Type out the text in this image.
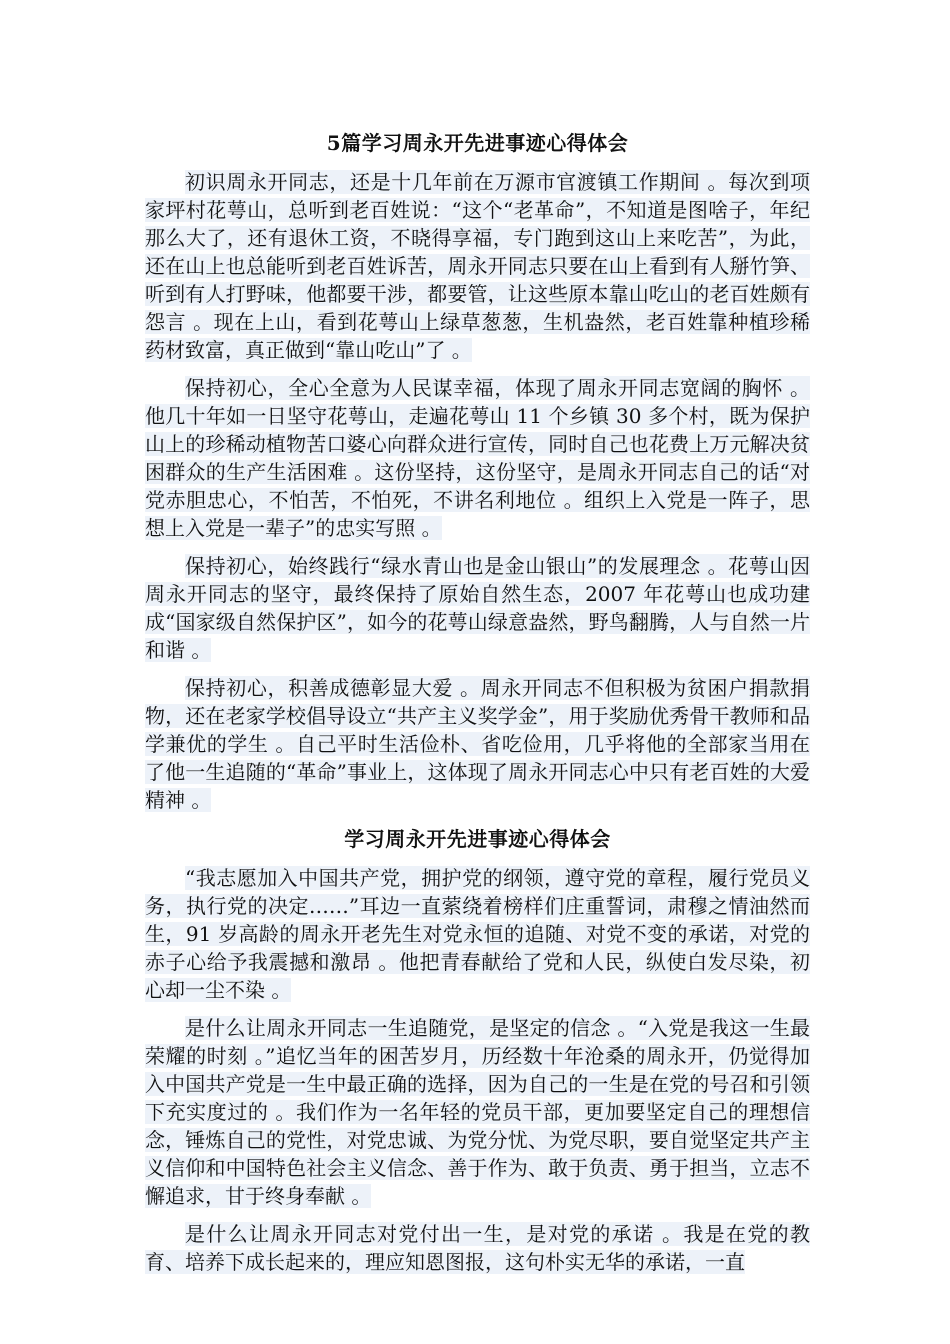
5篇学习周永开先进事迹心得体会

初识周永开同志，还是十几年前在万源市官渡镇工作期间 。每次到项家坪村花萼山，总听到老百姓说：“这个“老革命”，不知道是图啥子，年纪那么大了，还有退休工资，不晓得享福，专门跑到这山上来吃苦”，为此，还在山上也总能听到老百姓诉苦，周永开同志只要在山上看到有人掰竹笋、听到有人打野味，他都要干涉，都要管，让这些原本靠山吃山的老百姓颇有怨言 。现在上山，看到花萼山上绿草葱葱，生机盎然，老百姓靠种植珍稀药材致富，真正做到“靠山吃山”了 。

保持初心，全心全意为人民谋幸福，体现了周永开同志宽阔的胸怀 。他几十年如一日坚守花萼山，走遍花萼山 11 个乡镇 30 多个村，既为保护山上的珍稀动植物苦口婆心向群众进行宣传，同时自己也花费上万元解决贫困群众的生产生活困难 。这份坚持，这份坚守，是周永开同志自己的话“对党赤胆忠心，不怕苦，不怕死，不讲名利地位 。组织上入党是一阵子，思想上入党是一辈子”的忠实写照 。

保持初心，始终践行“绿水青山也是金山银山”的发展理念 。花萼山因周永开同志的坚守，最终保持了原始自然生态，2007 年花萼山也成功建成“国家级自然保护区”，如今的花萼山绿意盎然，野鸟翻腾，人与自然一片和谐 。

保持初心，积善成德彰显大爱 。周永开同志不但积极为贫困户捐款捐物，还在老家学校倡导设立“共产主义奖学金”，用于奖励优秀骨干教师和品学兼优的学生 。自己平时生活俭朴、省吃俭用，几乎将他的全部家当用在了他一生追随的“革命”事业上，这体现了周永开同志心中只有老百姓的大爱精神 。

学习周永开先进事迹心得体会

“我志愿加入中国共产党，拥护党的纲领，遵守党的章程，履行党员义务，执行党的决定……”耳边一直萦绕着榜样们庄重誓词，肃穆之情油然而生，91 岁高龄的周永开老先生对党永恒的追随、对党不变的承诺，对党的赤子心给予我震撼和激昂 。他把青春献给了党和人民，纵使白发尽染，初心却一尘不染 。

是什么让周永开同志一生追随党，是坚定的信念 。“入党是我这一生最荣耀的时刻 。”追忆当年的困苦岁月，历经数十年沧桑的周永开，仍觉得加入中国共产党是一生中最正确的选择，因为自己的一生是在党的号召和引领下充实度过的 。我们作为一名年轻的党员干部，更加要坚定自己的理想信念，锤炼自己的党性，对党忠诚、为党分忧、为党尽职，要自觉坚定共产主义信仰和中国特色社会主义信念、善于作为、敢于负责、勇于担当，立志不懈追求，甘于终身奉献 。

是什么让周永开同志对党付出一生，是对党的承诺 。我是在党的教育、培养下成长起来的，理应知恩图报，这句朴实无华的承诺，一直
